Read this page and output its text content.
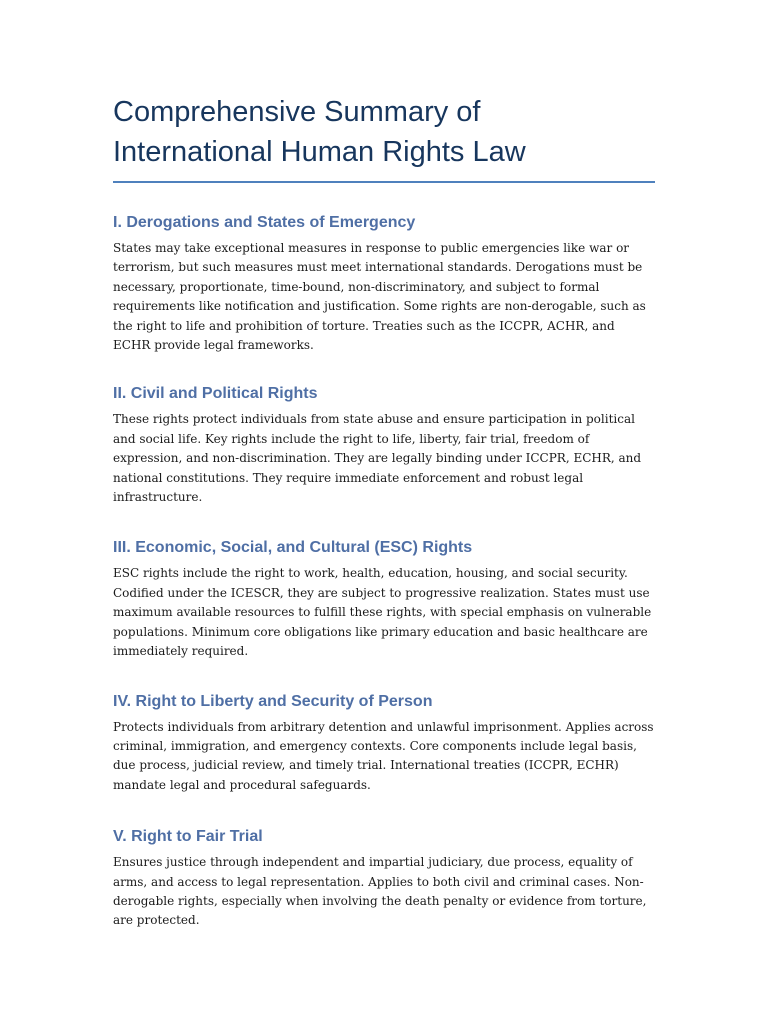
Comprehensive Summary of
International Human Rights Law
I. Derogations and States of Emergency

States may take exceptional measures in response to public emergencies like war or terrorism, but such measures must meet international standards. Derogations must be necessary, proportionate, time-bound, non-discriminatory, and subject to formal requirements like notification and justification. Some rights are non-derogable, such as the right to life and prohibition of torture. Treaties such as the ICCPR, ACHR, and ECHR provide legal frameworks.

II. Civil and Political Rights

These rights protect individuals from state abuse and ensure participation in political and social life. Key rights include the right to life, liberty, fair trial, freedom of expression, and non-discrimination. They are legally binding under ICCPR, ECHR, and national constitutions. They require immediate enforcement and robust legal infrastructure.

III. Economic, Social, and Cultural (ESC) Rights

ESC rights include the right to work, health, education, housing, and social security. Codified under the ICESCR, they are subject to progressive realization. States must use maximum available resources to fulfill these rights, with special emphasis on vulnerable populations. Minimum core obligations like primary education and basic healthcare are immediately required.

IV. Right to Liberty and Security of Person

Protects individuals from arbitrary detention and unlawful imprisonment. Applies across criminal, immigration, and emergency contexts. Core components include legal basis, due process, judicial review, and timely trial. International treaties (ICCPR, ECHR) mandate legal and procedural safeguards.

V. Right to Fair Trial

Ensures justice through independent and impartial judiciary, due process, equality of arms, and access to legal representation. Applies to both civil and criminal cases. Non-derogable rights, especially when involving the death penalty or evidence from torture, are protected.
